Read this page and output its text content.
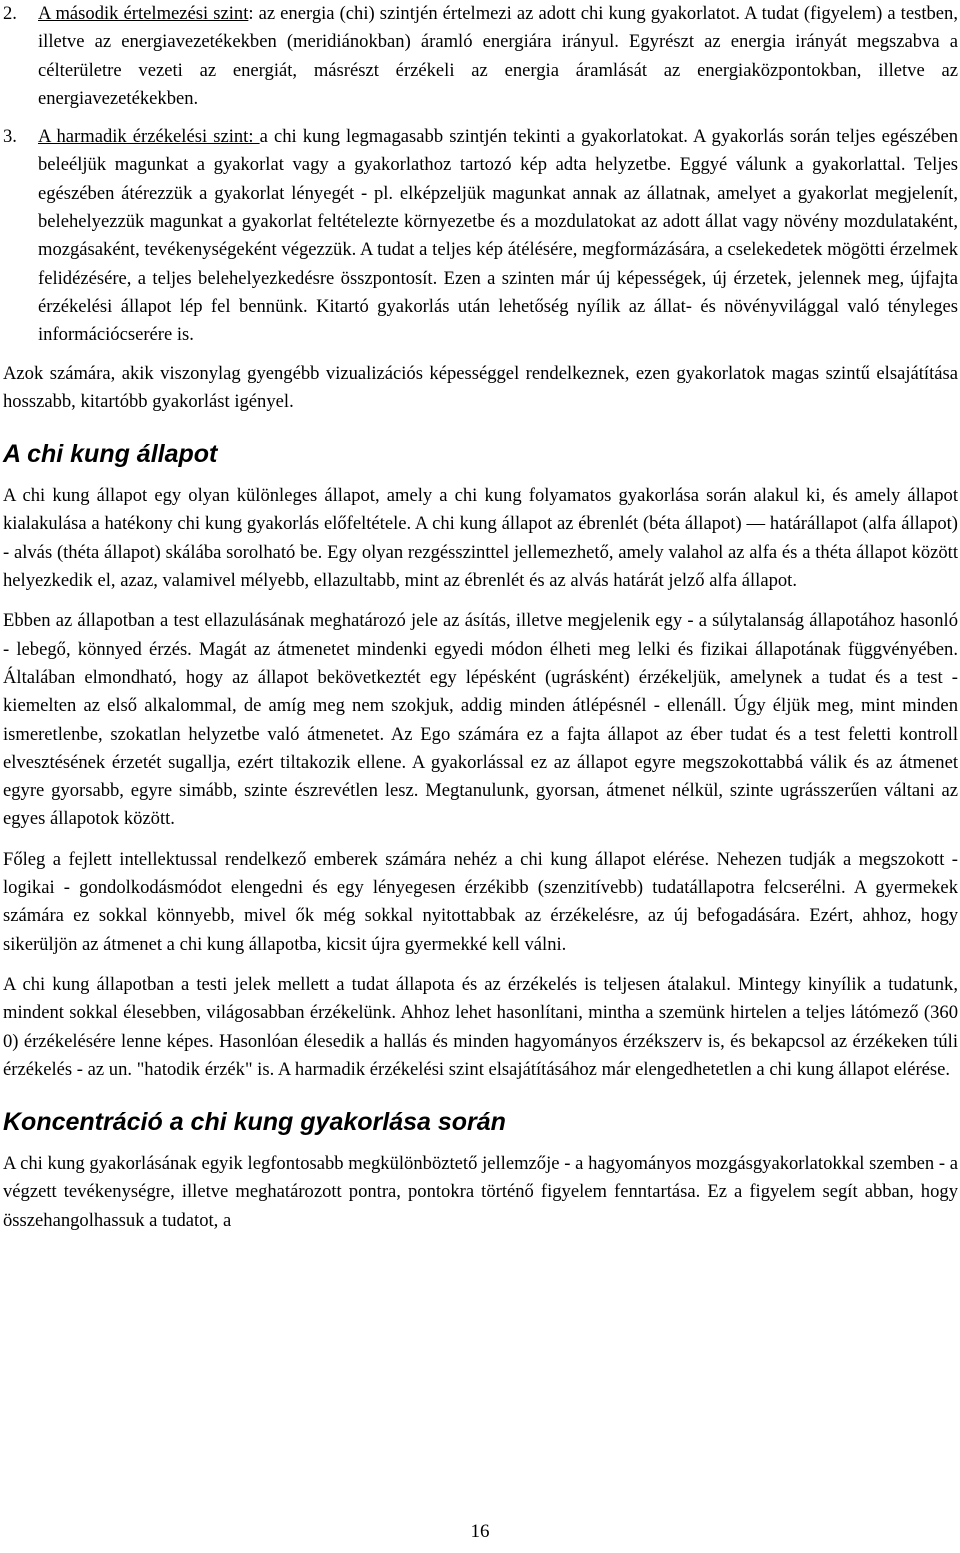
2. A második értelmezési szint: az energia (chi) szintjén értelmezi az adott chi kung gyakorlatot. A tudat (figyelem) a testben, illetve az energiavezetékekben (meridiánokban) áramló energiára irányul. Egyrészt az energia irányát megszabva a célterületre vezeti az energiát, másrészt érzékeli az energia áramlását az energiaközpontokban, illetve az energiavezetékekben.

3. A harmadik érzékelési szint: a chi kung legmagasabb szintjén tekinti a gyakorlatokat. A gyakorlás során teljes egészében beleéljük magunkat a gyakorlat vagy a gyakorlathoz tartozó kép adta helyzetbe. Eggyé válunk a gyakorlattal. Teljes egészében átérezzük a gyakorlat lényegét - pl. elképzeljük magunkat annak az állatnak, amelyet a gyakorlat megjelenít, belehelyezzük magunkat a gyakorlat feltételezte környezetbe és a mozdulatokat az adott állat vagy növény mozdulataként, mozgásaként, tevékenységeként végezzük. A tudat a teljes kép átélésére, megformázására, a cselekedetek mögötti érzelmek felidézésére, a teljes belehelyezkedésre összpontosít. Ezen a szinten már új képességek, új érzetek, jelennek meg, újfajta érzékelési állapot lép fel bennünk. Kitartó gyakorlás után lehetőség nyílik az állat- és növényvilággal való tényleges információcserére is.

Azok számára, akik viszonylag gyengébb vizualizációs képességgel rendelkeznek, ezen gyakorlatok magas szintű elsajátítása hosszabb, kitartóbb gyakorlást igényel.

A chi kung állapot

A chi kung állapot egy olyan különleges állapot, amely a chi kung folyamatos gyakorlása során alakul ki, és amely állapot kialakulása a hatékony chi kung gyakorlás előfeltétele. A chi kung állapot az ébrenlét (béta állapot) — határállapot (alfa állapot) - alvás (théta állapot) skálába sorolható be. Egy olyan rezgésszinttel jellemezhető, amely valahol az alfa és a théta állapot között helyezkedik el, azaz, valamivel mélyebb, ellazultabb, mint az ébrenlét és az alvás határát jelző alfa állapot.

Ebben az állapotban a test ellazulásának meghatározó jele az ásítás, illetve megjelenik egy - a súlytalanság állapotához hasonló - lebegő, könnyed érzés. Magát az átmenetet mindenki egyedi módon élheti meg lelki és fizikai állapotának függvényében. Általában elmondható, hogy az állapot bekövetkeztét egy lépésként (ugrásként) érzékeljük, amelynek a tudat és a test - kiemelten az első alkalommal, de amíg meg nem szokjuk, addig minden átlépésnél - ellenáll. Úgy éljük meg, mint minden ismeretlenbe, szokatlan helyzetbe való átmenetet. Az Ego számára ez a fajta állapot az éber tudat és a test feletti kontroll elvesztésének érzetét sugallja, ezért tiltakozik ellene. A gyakorlással ez az állapot egyre megszokottabbá válik és az átmenet egyre gyorsabb, egyre simább, szinte észrevétlen lesz. Megtanulunk, gyorsan, átmenet nélkül, szinte ugrásszerűen váltani az egyes állapotok között.

Főleg a fejlett intellektussal rendelkező emberek számára nehéz a chi kung állapot elérése. Nehezen tudják a megszokott - logikai - gondolkodásmódot elengedni és egy lényegesen érzékibb (szenzitívebb) tudatállapotra felcserélni. A gyermekek számára ez sokkal könnyebb, mivel ők még sokkal nyitottabbak az érzékelésre, az új befogadására. Ezért, ahhoz, hogy sikerüljön az átmenet a chi kung állapotba, kicsit újra gyermekké kell válni.

A chi kung állapotban a testi jelek mellett a tudat állapota és az érzékelés is teljesen átalakul. Mintegy kinyílik a tudatunk, mindent sokkal élesebben, világosabban érzékelünk. Ahhoz lehet hasonlítani, mintha a szemünk hirtelen a teljes látómező (360 0) érzékelésére lenne képes. Hasonlóan élesedik a hallás és minden hagyományos érzékszerv is, és bekapcsol az érzékeken túli érzékelés - az un. "hatodik érzék" is. A harmadik érzékelési szint elsajátításához már elengedhetetlen a chi kung állapot elérése.

Koncentráció a chi kung gyakorlása során

A chi kung gyakorlásának egyik legfontosabb megkülönböztető jellemzője - a hagyományos mozgásgyakorlatokkal szemben - a végzett tevékenységre, illetve meghatározott pontra, pontokra történő figyelem fenntartása. Ez a figyelem segít abban, hogy összehangolhassuk a tudatot, a

16
